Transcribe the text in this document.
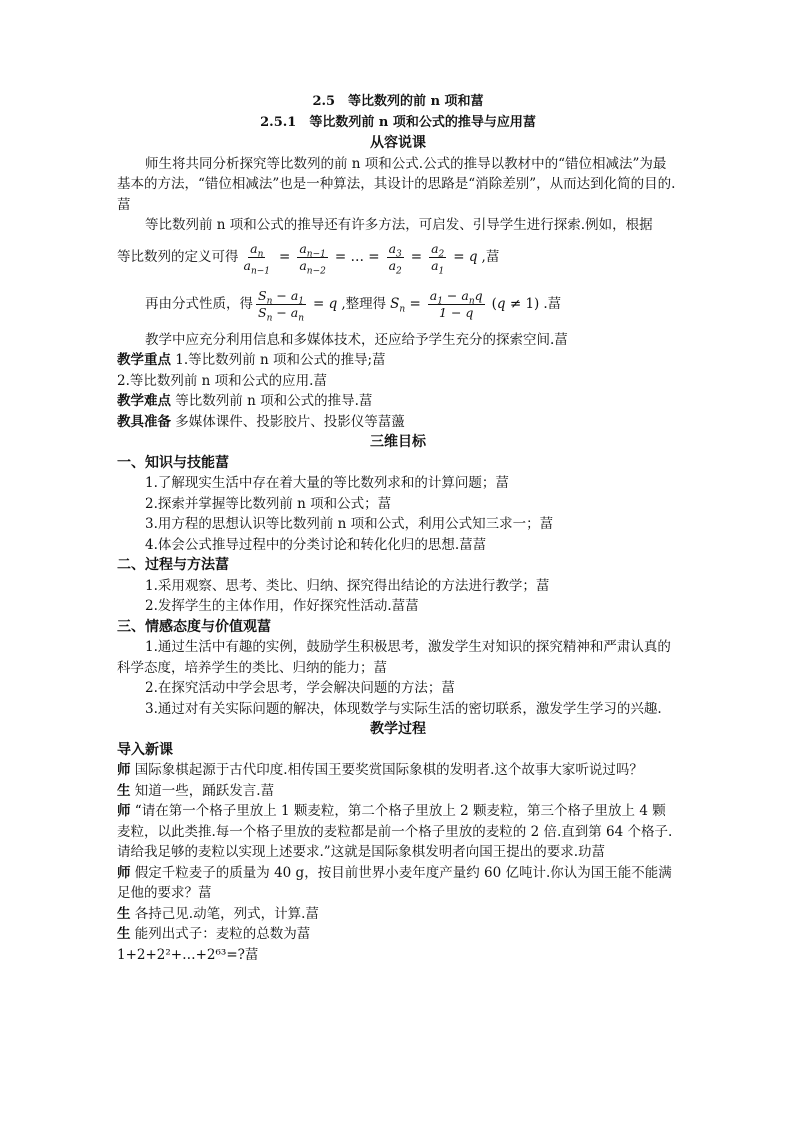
2.5　等比数列的前 n 项和葍

2.5.1　等比数列前 n 项和公式的推导与应用葍

从容说课

师生将共同分析探究等比数列的前 n 项和公式.公式的推导以教材中的“错位相减法”为最基本的方法，“错位相减法”也是一种算法，其设计的思路是“消除差别”，从而达到化简的目的.葍

等比数列前 n 项和公式的推导还有许多方法，可启发、引导学生进行探索.例如，根据

等比数列的定义可得 $\frac{a_n}{a_{n-1}} = \frac{a_{n-1}}{a_{n-2}}$ = … = $\frac{a_3}{a_2} = \frac{a_2}{a_1} = q$ ,葍
再由分式性质，得 $\frac{S_n - a_1}{S_n - a_n} = q$ ,整理得 $S_n = \frac{a_1 - a_nq}{1 - q} (q \ne 1)$ .葍

教学中应充分利用信息和多媒体技术，还应给予学生充分的探索空间.葍

教学重点 1.等比数列前 n 项和公式的推导;葍

2.等比数列前 n 项和公式的应用.葍

教学难点 等比数列前 n 项和公式的推导.葍

教具准备 多媒体课件、投影胶片、投影仪等葍蘯

三维目标

一、知识与技能葍

1.了解现实生活中存在着大量的等比数列求和的计算问题；葍

2.探索并掌握等比数列前 n 项和公式；葍

3.用方程的思想认识等比数列前 n 项和公式，利用公式知三求一；葍

4.体会公式推导过程中的分类讨论和转化化归的思想.葍葍

二、过程与方法葍

1.采用观察、思考、类比、归纳、探究得出结论的方法进行教学；葍

2.发挥学生的主体作用，作好探究性活动.葍葍

三、情感态度与价值观葍

1.通过生活中有趣的实例，鼓励学生积极思考，激发学生对知识的探究精神和严肃认真的科学态度，培养学生的类比、归纳的能力；葍

2.在探究活动中学会思考，学会解决问题的方法；葍

3.通过对有关实际问题的解决，体现数学与实际生活的密切联系，激发学生学习的兴趣.

教学过程

导入新课

师 国际象棋起源于古代印度.相传国王要奖赏国际象棋的发明者.这个故事大家听说过吗？

生 知道一些，踊跃发言.葍

师 “请在第一个格子里放上 1 颗麦粒，第二个格子里放上 2 颗麦粒，第三个格子里放上 4 颗麦粒，以此类推.每一个格子里放的麦粒都是前一个格子里放的麦粒的 2 倍.直到第 64 个格子.请给我足够的麦粒以实现上述要求.”这就是国际象棋发明者向国王提出的要求.玏葍

师 假定千粒麦子的质量为 40 g，按目前世界小麦年度产量约 60 亿吨计.你认为国王能不能满足他的要求？葍

生 各持己见.动笔，列式，计算.葍

生 能列出式子：麦粒的总数为葍

1+2+2²+…+2⁶³=?葍
